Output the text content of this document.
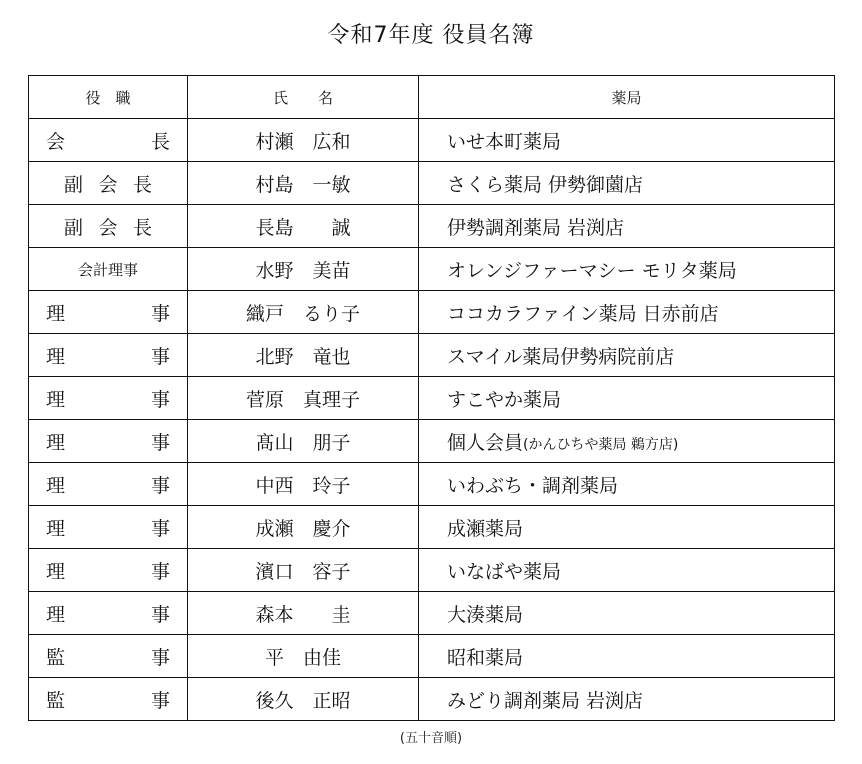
令和7年度 役員名簿
役　職	氏　　名	薬局

会　　長	村瀬　広和	いせ本町薬局

副会長	村島　一敏	さくら薬局 伊勢御薗店

副会長	長島　　誠	伊勢調剤薬局 岩渕店
会計理事	水野　美苗	オレンジファーマシー モリタ薬局

理　　事	織戸　るり子	ココカラファイン薬局 日赤前店

理　　事	北野　竜也	スマイル薬局伊勢病院前店

理　　事	菅原　真理子	すこやか薬局

理　　事	髙山　朋子	個人会員(かんひちや薬局 鵜方店)

理　　事	中西　玲子	いわぶち・調剤薬局

理　　事	成瀬　慶介	成瀬薬局

理　　事	濱口　容子	いなばや薬局

理　　事	森本　　圭	大湊薬局

監　　事	平　由佳	昭和薬局

監　　事	後久　正昭	みどり調剤薬局 岩渕店
(五十音順)
